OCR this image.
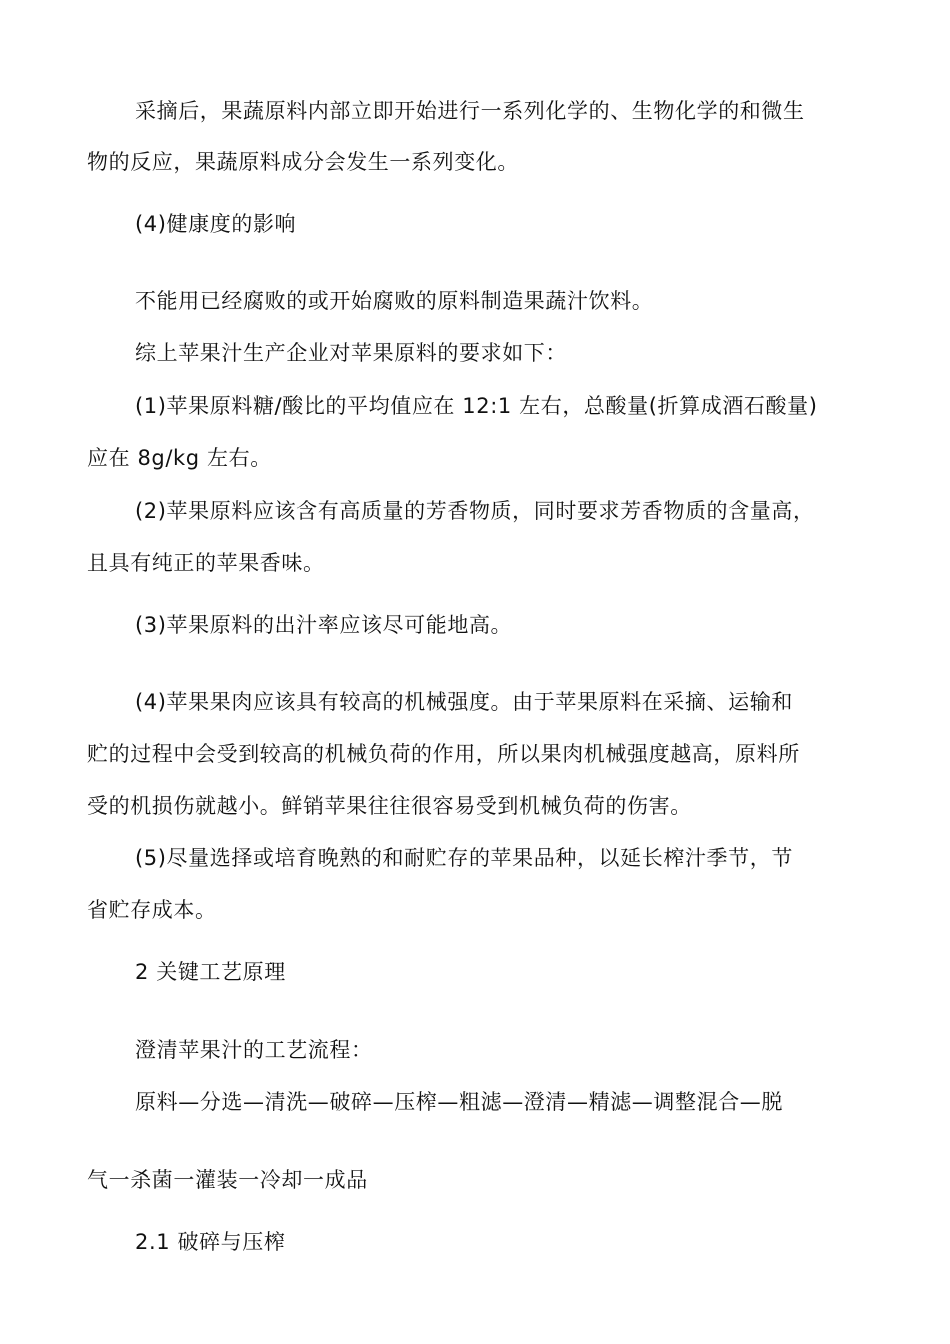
采摘后，果蔬原料内部立即开始进行一系列化学的、生物化学的和微生
物的反应，果蔬原料成分会发生一系列变化。
(4)健康度的影响
不能用已经腐败的或开始腐败的原料制造果蔬汁饮料。
综上苹果汁生产企业对苹果原料的要求如下：
(1)苹果原料糖/酸比的平均值应在 12:1 左右，总酸量(折算成酒石酸量)
应在 8g/kg 左右。
(2)苹果原料应该含有高质量的芳香物质，同时要求芳香物质的含量高，
且具有纯正的苹果香味。
(3)苹果原料的出汁率应该尽可能地高。
(4)苹果果肉应该具有较高的机械强度。由于苹果原料在采摘、运输和
贮的过程中会受到较高的机械负荷的作用，所以果肉机械强度越高，原料所
受的机损伤就越小。鲜销苹果往往很容易受到机械负荷的伤害。
(5)尽量选择或培育晚熟的和耐贮存的苹果品种，以延长榨汁季节，节
省贮存成本。
2 关键工艺原理
澄清苹果汁的工艺流程：
原料—分选—清洗—破碎—压榨—粗滤—澄清—精滤—调整混合—脱
气一杀菌一灌装一冷却一成品
2.1 破碎与压榨
